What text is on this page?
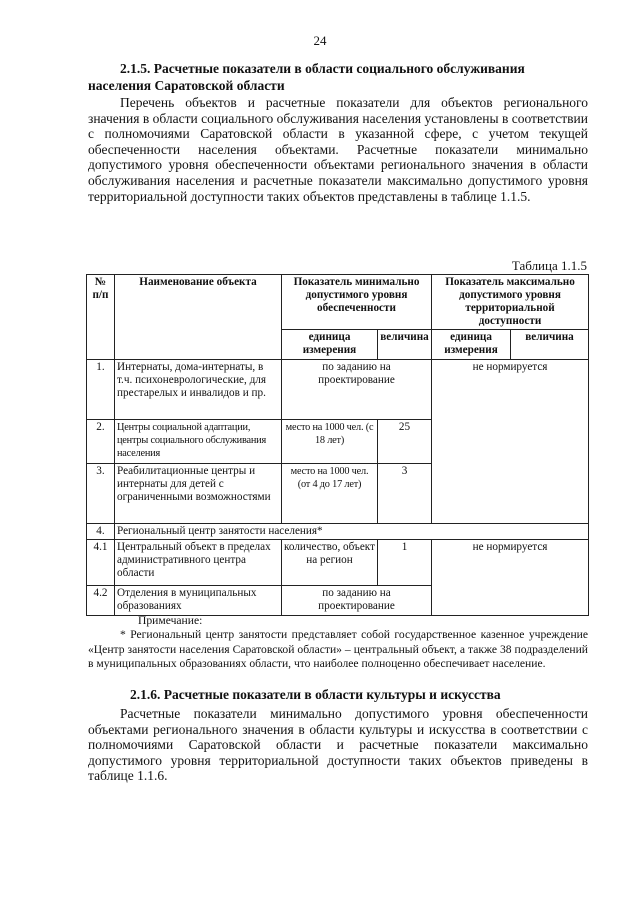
24
2.1.5. Расчетные показатели в области социального обслуживания населения Саратовской области
Перечень объектов и расчетные показатели для объектов регионального значения в области социального обслуживания населения установлены в соответствии с полномочиями Саратовской области в указанной сфере, с учетом текущей обеспеченности населения объектами. Расчетные показатели минимально допустимого уровня обеспеченности объектами регионального значения в области обслуживания населения и расчетные показатели максимально допустимого уровня территориальной доступности таких объектов представлены в таблице 1.1.5.
Таблица 1.1.5
№ п/п	Наименование объекта	Показатель минимально допустимого уровня обеспеченности		Показатель максимально допустимого уровня территориальной доступности	
		единица измерения	величина	единица измерения	величина
1.	Интернаты, дома-интернаты, в т.ч. психоневрологические, для престарелых и инвалидов и пр.	по заданию на проектирование		не нормируется	
2.	Центры социальной адаптации, центры социального обслуживания населения	место на 1000 чел. (с 18 лет)	25		
3.	Реабилитационные центры и интернаты для детей с ограниченными возможностями	место на 1000 чел. (от 4 до 17 лет)	3		
4.	Региональный центр занятости населения*				
4.1	Центральный объект в пределах административного центра области	количество, объект на регион	1	не нормируется	
4.2	Отделения в муниципальных образованиях	по заданию на проектирование			
Примечание:
* Региональный центр занятости представляет собой государственное казенное учреждение «Центр занятости населения Саратовской области» – центральный объект, а также 38 подразделений в муниципальных образованиях области, что наиболее полноценно обеспечивает население.
2.1.6. Расчетные показатели в области культуры и искусства
Расчетные показатели минимально допустимого уровня обеспеченности объектами регионального значения в области культуры и искусства в соответствии с полномочиями Саратовской области и расчетные показатели максимально допустимого уровня территориальной доступности таких объектов приведены в таблице 1.1.6.
